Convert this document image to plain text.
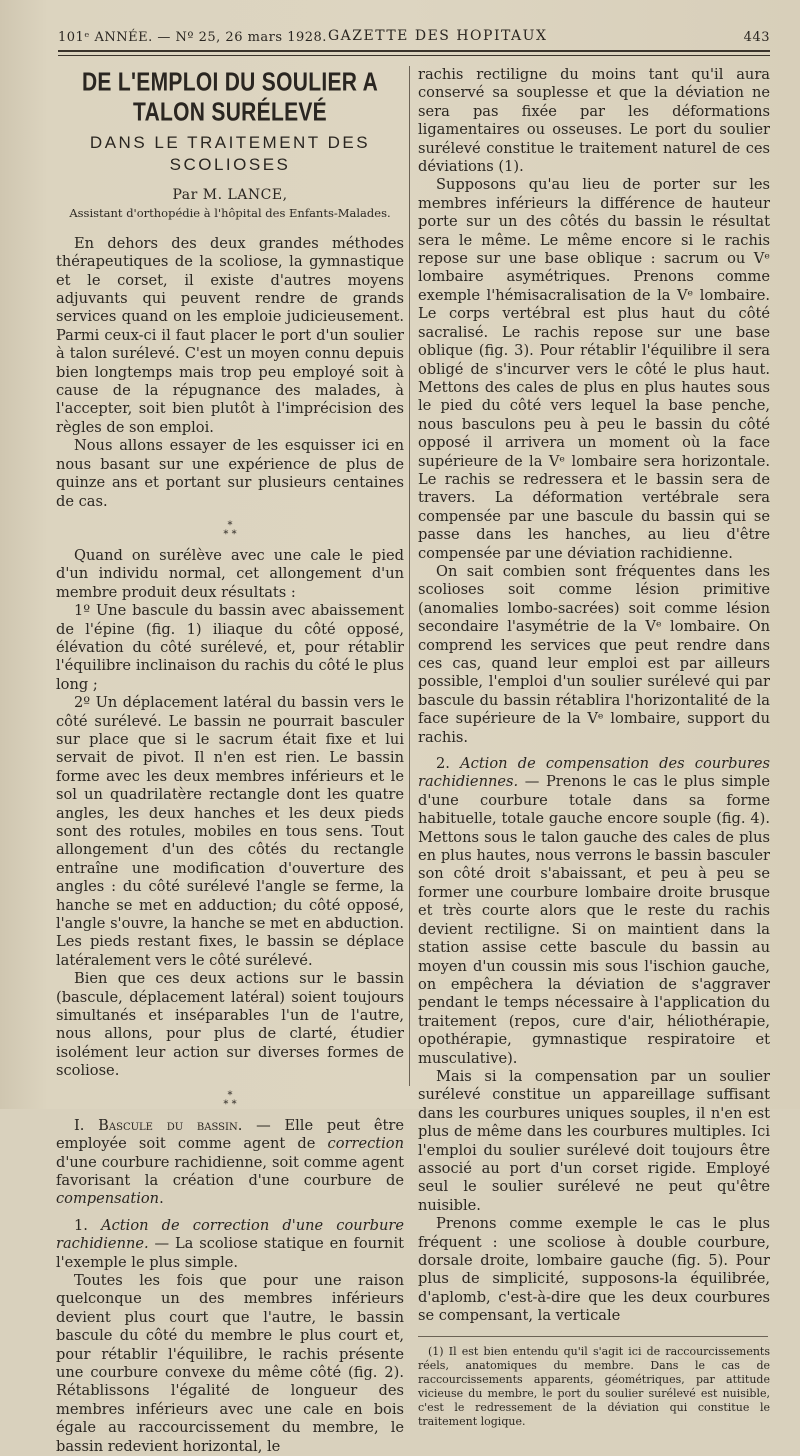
101ᵉ ANNÉE. — Nº 25, 26 mars 1928. GAZETTE DES HOPITAUX	443
DE L'EMPLOI DU SOULIER A TALON SURÉLEVÉ
DANS LE TRAITEMENT DES SCOLIOSES
Par M. LANCE,
Assistant d'orthopédie à l'hôpital des Enfants-Malades.

En dehors des deux grandes méthodes thérapeutiques de la scoliose, la gymnastique et le corset, il existe d'autres moyens adjuvants qui peuvent rendre de grands services quand on les emploie judicieusement. Parmi ceux-ci il faut placer le port d'un soulier à talon surélevé. C'est un moyen connu depuis bien longtemps mais trop peu employé soit à cause de la répugnance des malades, à l'accepter, soit bien plutôt à l'imprécision des règles de son emploi.

Nous allons essayer de les esquisser ici en nous basant sur une expérience de plus de quinze ans et portant sur plusieurs centaines de cas.

*
* *

Quand on surélève avec une cale le pied d'un individu normal, cet allongement d'un membre produit deux résultats :

1º Une bascule du bassin avec abaissement de l'épine (fig. 1) iliaque du côté opposé, élévation du côté surélevé, et, pour rétablir l'équilibre inclinaison du rachis du côté le plus long ;

2º Un déplacement latéral du bassin vers le côté surélevé. Le bassin ne pourrait basculer sur place que si le sacrum était fixe et lui servait de pivot. Il n'en est rien. Le bassin forme avec les deux membres inférieurs et le sol un quadrilatère rectangle dont les quatre angles, les deux hanches et les deux pieds sont des rotules, mobiles en tous sens. Tout allongement d'un des côtés du rectangle entraîne une modification d'ouverture des angles : du côté surélevé l'angle se ferme, la hanche se met en adduction; du côté opposé, l'angle s'ouvre, la hanche se met en abduction. Les pieds restant fixes, le bassin se déplace latéralement vers le côté surélevé.

Bien que ces deux actions sur le bassin (bascule, déplacement latéral) soient toujours simultanés et inséparables l'un de l'autre, nous allons, pour plus de clarté, étudier isolément leur action sur diverses formes de scoliose.

*
* *

I. Bascule du bassin. — Elle peut être employée soit comme agent de correction d'une courbure rachidienne, soit comme agent favorisant la création d'une courbure de compensation.

1. Action de correction d'une courbure rachidienne. — La scoliose statique en fournit l'exemple le plus simple.

Toutes les fois que pour une raison quelconque un des membres inférieurs devient plus court que l'autre, le bassin bascule du côté du membre le plus court et, pour rétablir l'équilibre, le rachis présente une courbure convexe du même côté (fig. 2). Rétablissons l'égalité de longueur des membres inférieurs avec une cale en bois égale au raccourcissement du membre, le bassin redevient horizontal, le

rachis rectiligne du moins tant qu'il aura conservé sa souplesse et que la déviation ne sera pas fixée par les déformations ligamentaires ou osseuses. Le port du soulier surélevé constitue le traitement naturel de ces déviations (1).

Supposons qu'au lieu de porter sur les membres inférieurs la différence de hauteur porte sur un des côtés du bassin le résultat sera le même. Le même encore si le rachis repose sur une base oblique : sacrum ou Vᵉ lombaire asymétriques. Prenons comme exemple l'hémisacralisation de la Vᵉ lombaire. Le corps vertébral est plus haut du côté sacralisé. Le rachis repose sur une base oblique (fig. 3). Pour rétablir l'équilibre il sera obligé de s'incurver vers le côté le plus haut. Mettons des cales de plus en plus hautes sous le pied du côté vers lequel la base penche, nous basculons peu à peu le bassin du côté opposé il arrivera un moment où la face supérieure de la Vᵉ lombaire sera horizontale. Le rachis se redressera et le bassin sera de travers. La déformation vertébrale sera compensée par une bascule du bassin qui se passe dans les hanches, au lieu d'être compensée par une déviation rachidienne.

On sait combien sont fréquentes dans les scolioses soit comme lésion primitive (anomalies lombo-sacrées) soit comme lésion secondaire l'asymétrie de la Vᵉ lombaire. On comprend les services que peut rendre dans ces cas, quand leur emploi est par ailleurs possible, l'emploi d'un soulier surélevé qui par bascule du bassin rétablira l'horizontalité de la face supérieure de la Vᵉ lombaire, support du rachis.

2. Action de compensation des courbures rachidiennes. — Prenons le cas le plus simple d'une courbure totale dans sa forme habituelle, totale gauche encore souple (fig. 4). Mettons sous le talon gauche des cales de plus en plus hautes, nous verrons le bassin basculer son côté droit s'abaissant, et peu à peu se former une courbure lombaire droite brusque et très courte alors que le reste du rachis devient rectiligne. Si on maintient dans la station assise cette bascule du bassin au moyen d'un coussin mis sous l'ischion gauche, on empêchera la déviation de s'aggraver pendant le temps nécessaire à l'application du traitement (repos, cure d'air, héliothérapie, opothérapie, gymnastique respiratoire et musculative).

Mais si la compensation par un soulier surélevé constitue un appareillage suffisant dans les courbures uniques souples, il n'en est plus de même dans les courbures multiples. Ici l'emploi du soulier surélevé doit toujours être associé au port d'un corset rigide. Employé seul le soulier surélevé ne peut qu'être nuisible.

Prenons comme exemple le cas le plus fréquent : une scoliose à double courbure, dorsale droite, lombaire gauche (fig. 5). Pour plus de simplicité, supposons-la équilibrée, d'aplomb, c'est-à-dire que les deux courbures se compensant, la verticale

(1) Il est bien entendu qu'il s'agit ici de raccourcissements réels, anatomiques du membre. Dans le cas de raccourcissements apparents, géométriques, par attitude vicieuse du membre, le port du soulier surélevé est nuisible, c'est le redressement de la déviation qui constitue le traitement logique.
